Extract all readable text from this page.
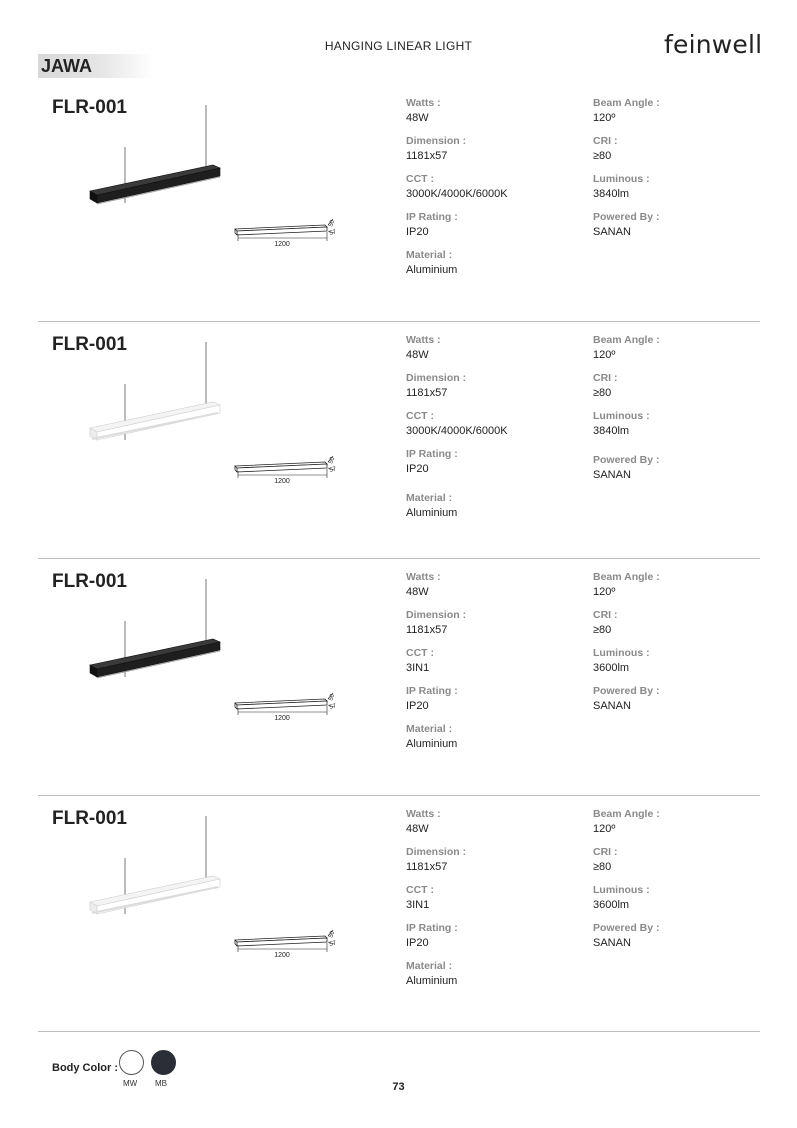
HANGING LINEAR LIGHT	feinwell
JAWA
FLR-001
1200
50
57
Watts :
48W
Dimension :
1181x57
CCT :
3000K/4000K/6000K
IP Rating :
IP20
Material :
Aluminium
Beam Angle :
120º
CRI :
≥80
Luminous :
3840lm
Powered By :
SANAN
FLR-001
1200
50
57
Watts :
48W
Dimension :
1181x57
CCT :
3000K/4000K/6000K
IP Rating :
IP20
Material :
Aluminium
Beam Angle :
120º
CRI :
≥80
Luminous :
3840lm
Powered By :
SANAN
FLR-001
1200
50
57
Watts :
48W
Dimension :
1181x57
CCT :
3IN1
IP Rating :
IP20
Material :
Aluminium
Beam Angle :
120º
CRI :
≥80
Luminous :
3600lm
Powered By :
SANAN
FLR-001
1200
50
57
Watts :
48W
Dimension :
1181x57
CCT :
3IN1
IP Rating :
IP20
Material :
Aluminium
Beam Angle :
120º
CRI :
≥80
Luminous :
3600lm
Powered By :
SANAN
Body Color :
MW MB	73
